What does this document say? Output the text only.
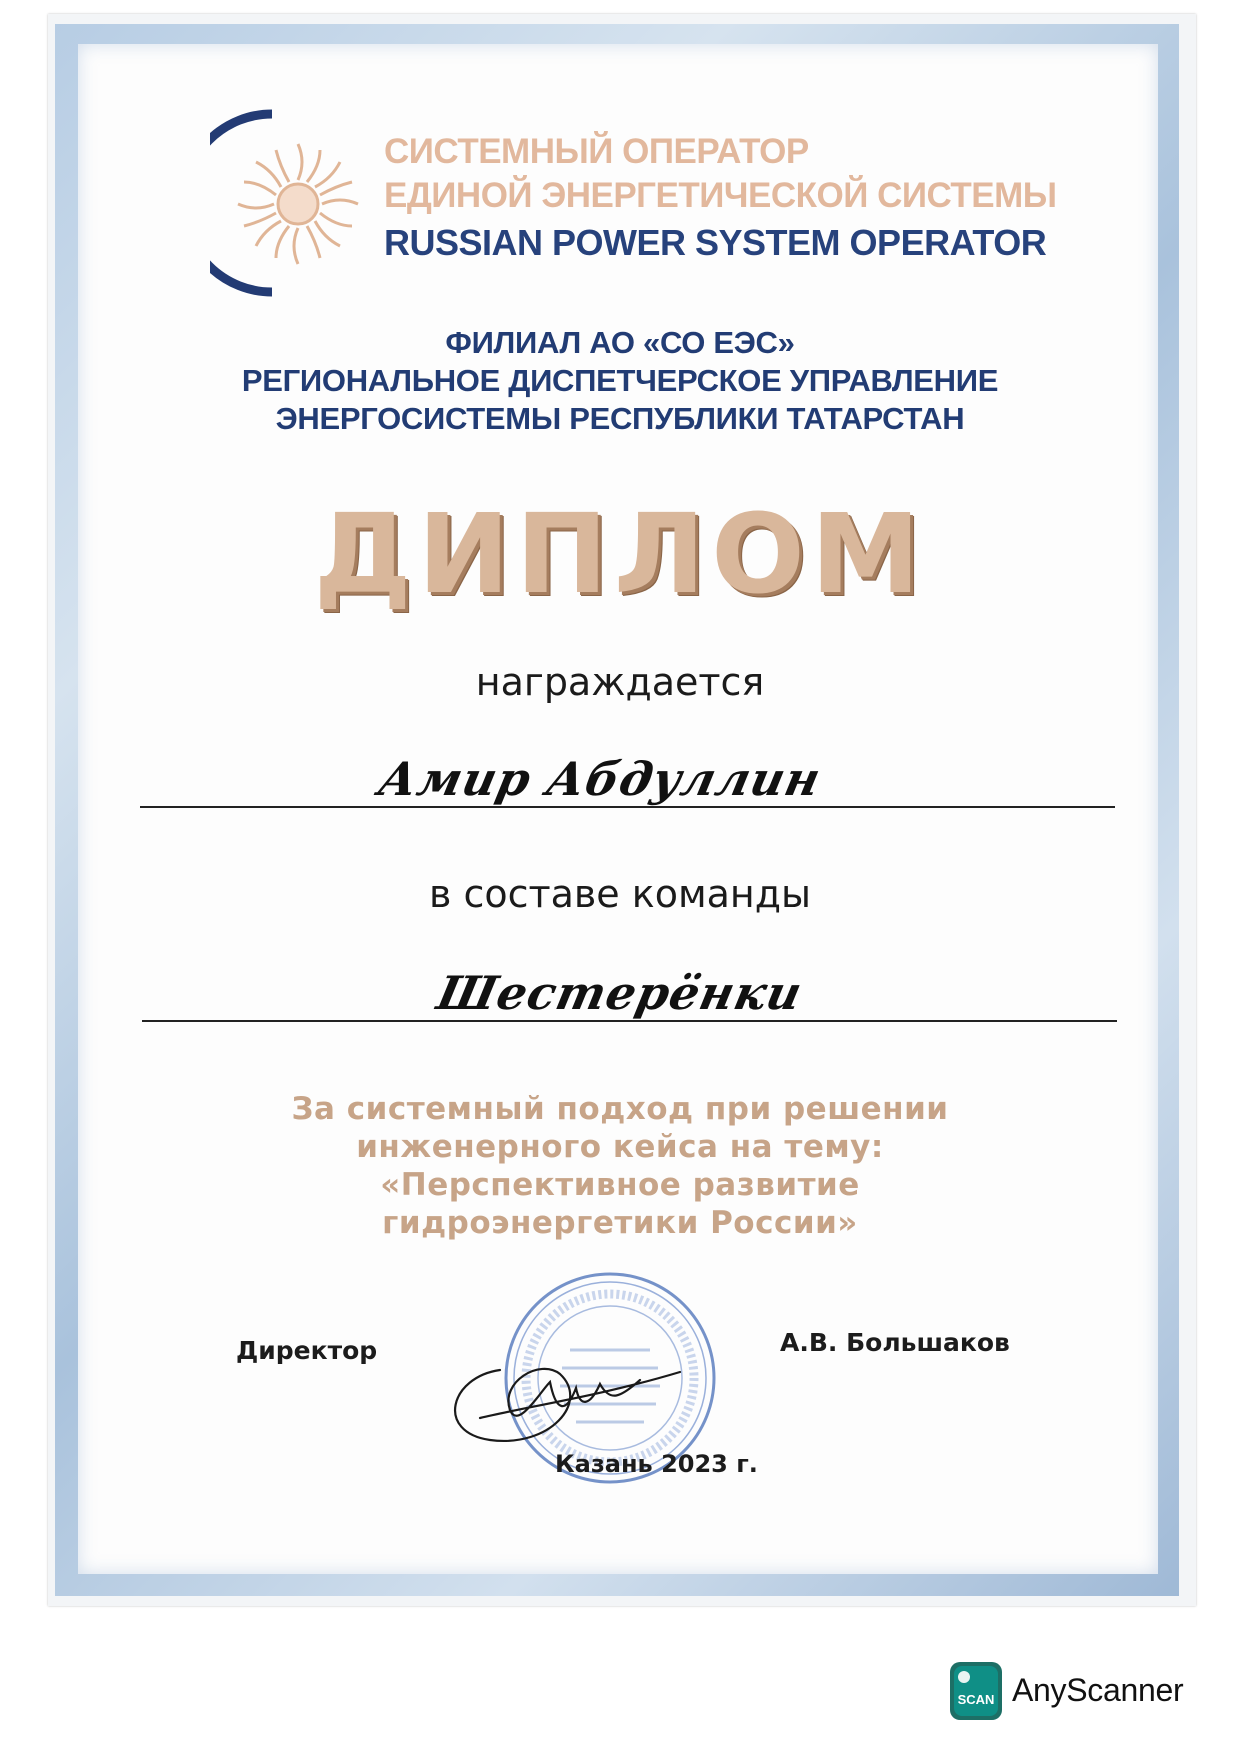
СИСТЕМНЫЙ ОПЕРАТОР
ЕДИНОЙ ЭНЕРГЕТИЧЕСКОЙ СИСТЕМЫ
RUSSIAN POWER SYSTEM OPERATOR
ФИЛИАЛ АО «СО ЕЭС»
РЕГИОНАЛЬНОЕ ДИСПЕТЧЕРСКОЕ УПРАВЛЕНИЕ
ЭНЕРГОСИСТЕМЫ РЕСПУБЛИКИ ТАТАРСТАН
ДИПЛОМ
награждается
Амир Абдуллин
в составе команды
Шестерёнки
За системный подход при решении
инженерного кейса на тему:
«Перспективное развитие
гидроэнергетики России»
Директор	А.В. Большаков
Казань 2023 г.
SCAN AnyScanner
